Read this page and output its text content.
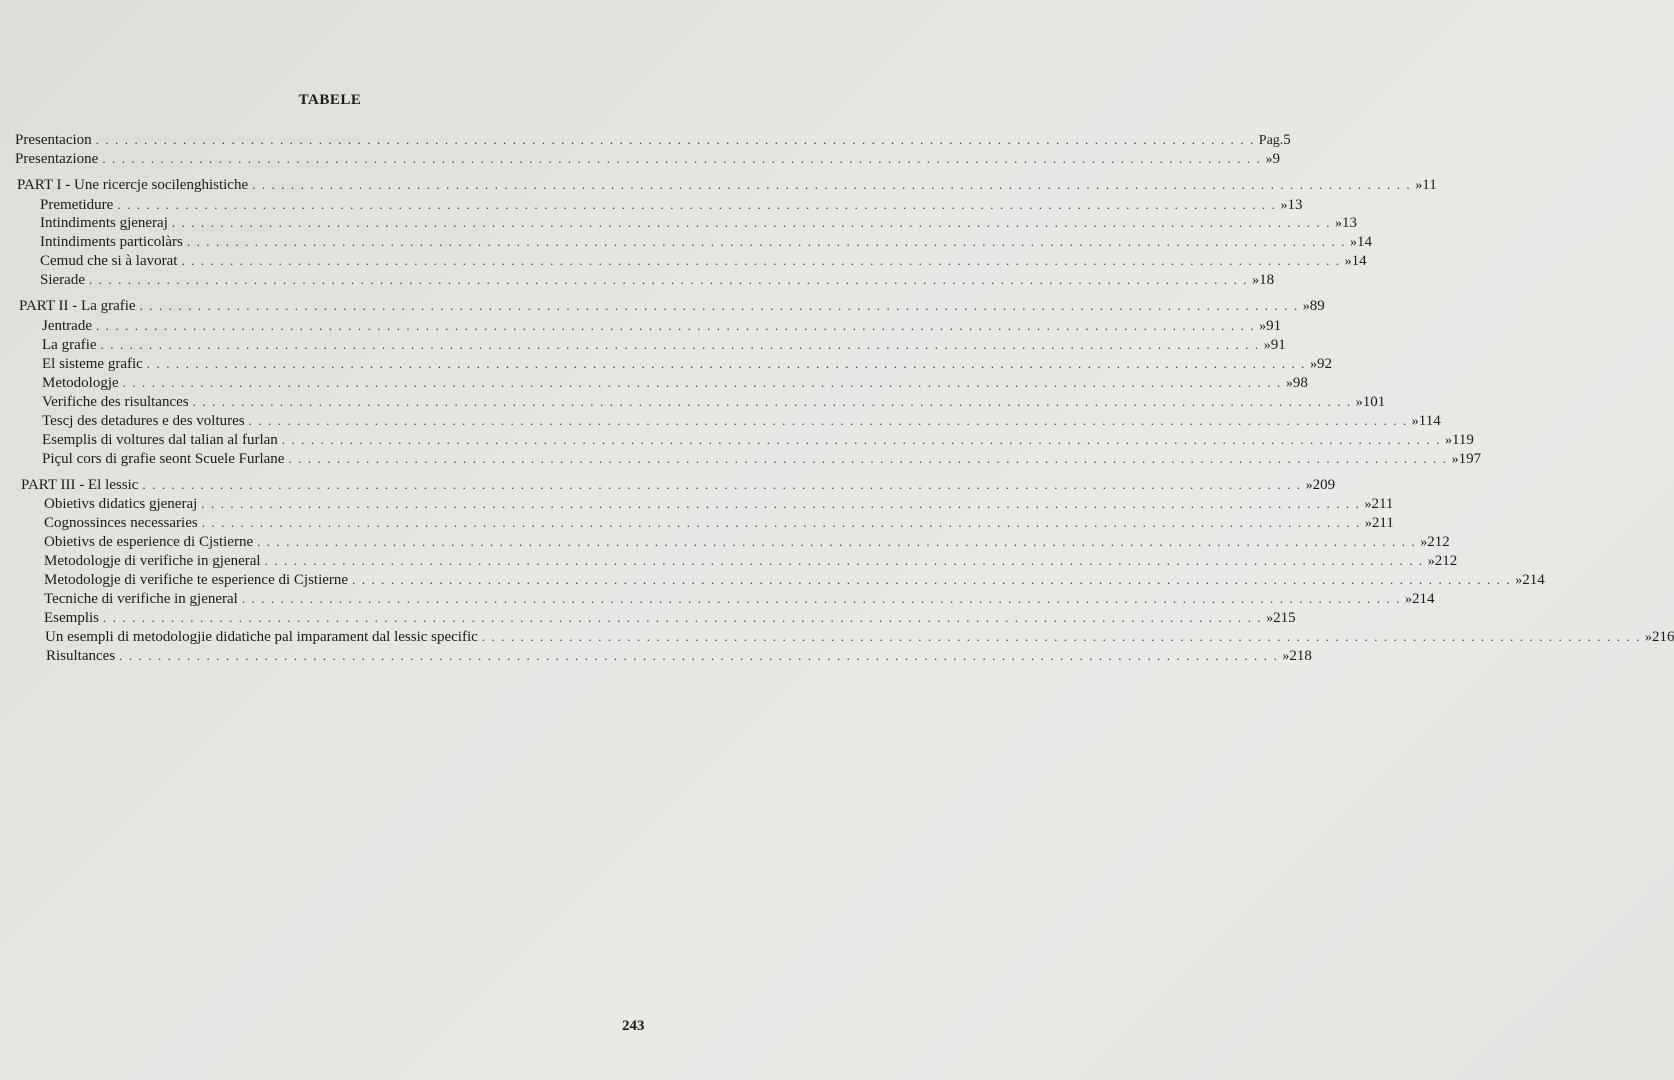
TABELE
Presentacion . . . . . . . . . . . . . . . . . . . . . . . . . . . . . . . . . . . . . . . . . . . . . . . . . . . . . . . . . . . . . . . . . . . . . . . . . . . . . . . . . . . . . . . . . . . . . . . . . . . . . . . . . . . . . . . . . . . . . . . . Pag. 5
Presentazione . . . . . . . . . . . . . . . . . . . . . . . . . . . . . . . . . . . . . . . . . . . . . . . . . . . . . . . . . . . . . . . . . . . . . . . . . . . . . . . . . . . . . . . . . . . . . . . . . . . . . . . . . . . . . . . . . . . . . . . . » 9
PART I - Une ricercje socilenghistiche . . . . . . . . . . . . . . . . . . . . . . . . . . . . . . . . . . . . . . . . . . . . . . . . . . . . . . . . . . . . . . . . . . . . . . . . . . . . . . . . . . . . . . . . . . . . . . . . . . . . . . . . . . . . . . . . . . . . . . . . » 11
Premetidure . . . . . . . . . . . . . . . . . . . . . . . . . . . . . . . . . . . . . . . . . . . . . . . . . . . . . . . . . . . . . . . . . . . . . . . . . . . . . . . . . . . . . . . . . . . . . . . . . . . . . . . . . . . . . . . . . . . . . . . . » 13
Intindiments gjeneraj . . . . . . . . . . . . . . . . . . . . . . . . . . . . . . . . . . . . . . . . . . . . . . . . . . . . . . . . . . . . . . . . . . . . . . . . . . . . . . . . . . . . . . . . . . . . . . . . . . . . . . . . . . . . . . . . . . . . . . . . » 13
Intindiments particolàrs . . . . . . . . . . . . . . . . . . . . . . . . . . . . . . . . . . . . . . . . . . . . . . . . . . . . . . . . . . . . . . . . . . . . . . . . . . . . . . . . . . . . . . . . . . . . . . . . . . . . . . . . . . . . . . . . . . . . . . . . » 14
Cemud che si à lavorat . . . . . . . . . . . . . . . . . . . . . . . . . . . . . . . . . . . . . . . . . . . . . . . . . . . . . . . . . . . . . . . . . . . . . . . . . . . . . . . . . . . . . . . . . . . . . . . . . . . . . . . . . . . . . . . . . . . . . . . . » 14
Sierade . . . . . . . . . . . . . . . . . . . . . . . . . . . . . . . . . . . . . . . . . . . . . . . . . . . . . . . . . . . . . . . . . . . . . . . . . . . . . . . . . . . . . . . . . . . . . . . . . . . . . . . . . . . . . . . . . . . . . . . . » 18
PART II - La grafie . . . . . . . . . . . . . . . . . . . . . . . . . . . . . . . . . . . . . . . . . . . . . . . . . . . . . . . . . . . . . . . . . . . . . . . . . . . . . . . . . . . . . . . . . . . . . . . . . . . . . . . . . . . . . . . . . . . . . . . . » 89
Jentrade . . . . . . . . . . . . . . . . . . . . . . . . . . . . . . . . . . . . . . . . . . . . . . . . . . . . . . . . . . . . . . . . . . . . . . . . . . . . . . . . . . . . . . . . . . . . . . . . . . . . . . . . . . . . . . . . . . . . . . . . » 91
La grafie . . . . . . . . . . . . . . . . . . . . . . . . . . . . . . . . . . . . . . . . . . . . . . . . . . . . . . . . . . . . . . . . . . . . . . . . . . . . . . . . . . . . . . . . . . . . . . . . . . . . . . . . . . . . . . . . . . . . . . . . » 91
El sisteme grafic . . . . . . . . . . . . . . . . . . . . . . . . . . . . . . . . . . . . . . . . . . . . . . . . . . . . . . . . . . . . . . . . . . . . . . . . . . . . . . . . . . . . . . . . . . . . . . . . . . . . . . . . . . . . . . . . . . . . . . . . » 92
Metodologje . . . . . . . . . . . . . . . . . . . . . . . . . . . . . . . . . . . . . . . . . . . . . . . . . . . . . . . . . . . . . . . . . . . . . . . . . . . . . . . . . . . . . . . . . . . . . . . . . . . . . . . . . . . . . . . . . . . . . . . . » 98
Verifiche des risultances . . . . . . . . . . . . . . . . . . . . . . . . . . . . . . . . . . . . . . . . . . . . . . . . . . . . . . . . . . . . . . . . . . . . . . . . . . . . . . . . . . . . . . . . . . . . . . . . . . . . . . . . . . . . . . . . . . . . . . . . » 101
Tescj des detadures e des voltures . . . . . . . . . . . . . . . . . . . . . . . . . . . . . . . . . . . . . . . . . . . . . . . . . . . . . . . . . . . . . . . . . . . . . . . . . . . . . . . . . . . . . . . . . . . . . . . . . . . . . . . . . . . . . . . . . . . . . . . . » 114
Esemplis di voltures dal talian al furlan . . . . . . . . . . . . . . . . . . . . . . . . . . . . . . . . . . . . . . . . . . . . . . . . . . . . . . . . . . . . . . . . . . . . . . . . . . . . . . . . . . . . . . . . . . . . . . . . . . . . . . . . . . . . . . . . . . . . . . . . » 119
Piçul cors di grafie seont Scuele Furlane . . . . . . . . . . . . . . . . . . . . . . . . . . . . . . . . . . . . . . . . . . . . . . . . . . . . . . . . . . . . . . . . . . . . . . . . . . . . . . . . . . . . . . . . . . . . . . . . . . . . . . . . . . . . . . . . . . . . . . . . » 197
PART III - El lessic . . . . . . . . . . . . . . . . . . . . . . . . . . . . . . . . . . . . . . . . . . . . . . . . . . . . . . . . . . . . . . . . . . . . . . . . . . . . . . . . . . . . . . . . . . . . . . . . . . . . . . . . . . . . . . . . . . . . . . . . » 209
Obietivs didatics gjeneraj . . . . . . . . . . . . . . . . . . . . . . . . . . . . . . . . . . . . . . . . . . . . . . . . . . . . . . . . . . . . . . . . . . . . . . . . . . . . . . . . . . . . . . . . . . . . . . . . . . . . . . . . . . . . . . . . . . . . . . . . » 211
Cognossinces necessaries . . . . . . . . . . . . . . . . . . . . . . . . . . . . . . . . . . . . . . . . . . . . . . . . . . . . . . . . . . . . . . . . . . . . . . . . . . . . . . . . . . . . . . . . . . . . . . . . . . . . . . . . . . . . . . . . . . . . . . . . » 211
Obietivs de esperience di Cjstierne . . . . . . . . . . . . . . . . . . . . . . . . . . . . . . . . . . . . . . . . . . . . . . . . . . . . . . . . . . . . . . . . . . . . . . . . . . . . . . . . . . . . . . . . . . . . . . . . . . . . . . . . . . . . . . . . . . . . . . . . » 212
Metodologje di verifiche in gjeneral . . . . . . . . . . . . . . . . . . . . . . . . . . . . . . . . . . . . . . . . . . . . . . . . . . . . . . . . . . . . . . . . . . . . . . . . . . . . . . . . . . . . . . . . . . . . . . . . . . . . . . . . . . . . . . . . . . . . . . . . » 212
Metodologje di verifiche te esperience di Cjstierne . . . . . . . . . . . . . . . . . . . . . . . . . . . . . . . . . . . . . . . . . . . . . . . . . . . . . . . . . . . . . . . . . . . . . . . . . . . . . . . . . . . . . . . . . . . . . . . . . . . . . . . . . . . . . . . . . . . . . . . . » 214
Tecniche di verifiche in gjeneral . . . . . . . . . . . . . . . . . . . . . . . . . . . . . . . . . . . . . . . . . . . . . . . . . . . . . . . . . . . . . . . . . . . . . . . . . . . . . . . . . . . . . . . . . . . . . . . . . . . . . . . . . . . . . . . . . . . . . . . . » 214
Esemplis . . . . . . . . . . . . . . . . . . . . . . . . . . . . . . . . . . . . . . . . . . . . . . . . . . . . . . . . . . . . . . . . . . . . . . . . . . . . . . . . . . . . . . . . . . . . . . . . . . . . . . . . . . . . . . . . . . . . . . . . » 215
Un esempli di metodologjie didatiche pal imparament dal lessic specific . . . . . . . . . . . . . . . . . . . . . . . . . . . . . . . . . . . . . . . . . . . . . . . . . . . . . . . . . . . . . . . . . . . . . . . . . . . . . . . . . . . . . . . . . . . . . . . . . . . . . . . . . . . . . . . . . . . . . . . . » 216
Risultances . . . . . . . . . . . . . . . . . . . . . . . . . . . . . . . . . . . . . . . . . . . . . . . . . . . . . . . . . . . . . . . . . . . . . . . . . . . . . . . . . . . . . . . . . . . . . . . . . . . . . . . . . . . . . . . . . . . . . . . . » 218
243
